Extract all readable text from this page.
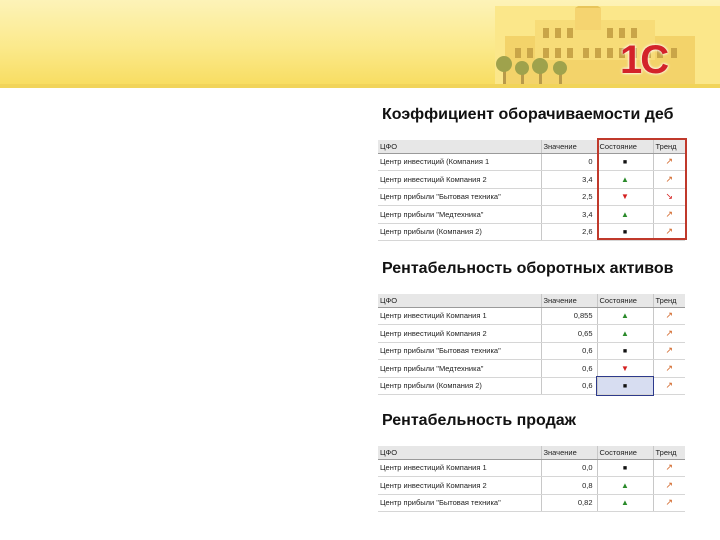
1С
Коэффициент оборачиваемости деб
ЦФО	Значение	Состояние	Тренд
Центр инвестиций (Компания 1	0	■	↗
Центр инвестиций Компания 2	3,4	▲	↗
Центр прибыли "Бытовая техника"	2,5	▼	↘
Центр прибыли "Медтехника"	3,4	▲	↗
Центр прибыли (Компания 2)	2,6	■	↗
Рентабельность оборотных активов
ЦФО	Значение	Состояние	Тренд
Центр инвестиций Компания 1	0,855	▲	↗
Центр инвестиций Компания 2	0,65	▲	↗
Центр прибыли "Бытовая техника"	0,6	■	↗
Центр прибыли "Медтехника"	0,6	▼	↗
Центр прибыли (Компания 2)	0,6	■	↗
Рентабельность продаж
ЦФО	Значение	Состояние	Тренд
Центр инвестиций Компания 1	0,0	■	↗
Центр инвестиций Компания 2	0,8	▲	↗
Центр прибыли "Бытовая техника"	0,82	▲	↗
